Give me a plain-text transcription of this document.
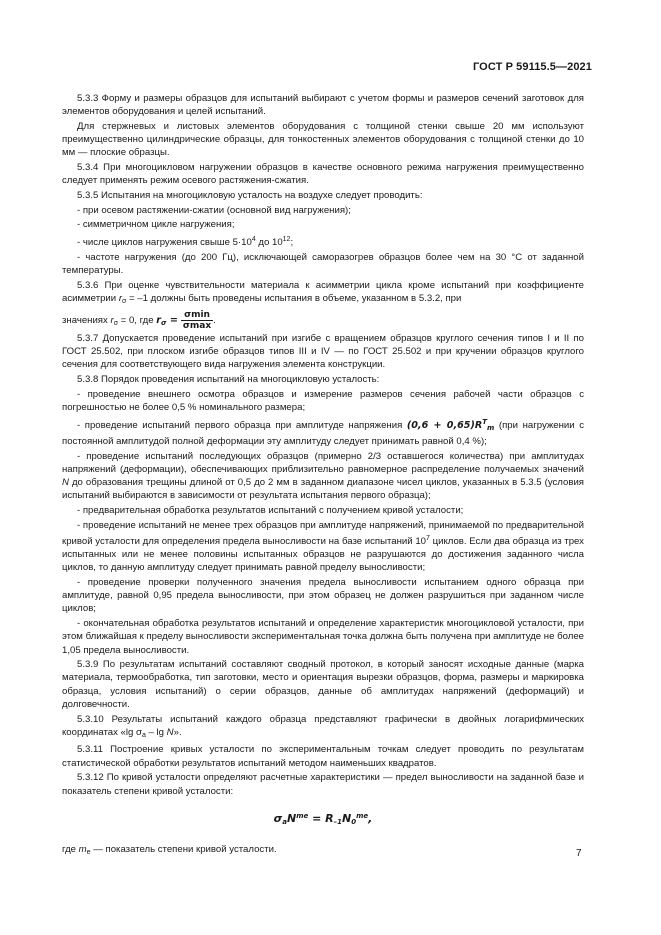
ГОСТ Р 59115.5—2021

5.3.3 Форму и размеры образцов для испытаний выбирают с учетом формы и размеров сечений заготовок для элементов оборудования и целей испытаний.

Для стержневых и листовых элементов оборудования с толщиной стенки свыше 20 мм используют преимущественно цилиндрические образцы, для тонкостенных элементов оборудования с толщиной стенки до 10 мм — плоские образцы.

5.3.4 При многоцикловом нагружении образцов в качестве основного режима нагружения преимущественно следует применять режим осевого растяжения-сжатия.

5.3.5 Испытания на многоцикловую усталость на воздухе следует проводить:

- при осевом растяжении-сжатии (основной вид нагружения);

- симметричном цикле нагружения;

- числе циклов нагружения свыше $5\cdot 10^4$ до $10^{12}$;

- частоте нагружения (до 200 Гц), исключающей саморазогрев образцов более чем на 30 °С от заданной температуры.

5.3.6 При оценке чувствительности материала к асимметрии цикла кроме испытаний при коэффициенте асимметрии $r_\sigma = -1$ должны быть проведены испытания в объеме, указанном в 5.3.2, при

значениях $r_\sigma = 0$, где $r_\sigma = \frac{\sigma\min}{\sigma\max}$ .

5.3.7 Допускается проведение испытаний при изгибе с вращением образцов круглого сечения типов I и II по ГОСТ 25.502, при плоском изгибе образцов типов III и IV — по ГОСТ 25.502 и при кручении образцов круглого сечения для соответствующего вида нагружения элемента конструкции.

5.3.8 Порядок проведения испытаний на многоцикловую усталость:

- проведение внешнего осмотра образцов и измерение размеров сечения рабочей части образцов с погрешностью не более 0,5 % номинального размера;

- проведение испытаний первого образца при амплитуде напряжения $(0,6 + 0,65)R^T_m$ (при нагружении с постоянной амплитудой полной деформации эту амплитуду следует принимать равной 0,4 %);

- проведение испытаний последующих образцов (примерно 2/3 оставшегося количества) при амплитудах напряжений (деформации), обеспечивающих приблизительно равномерное распределение получаемых значений N до образования трещины длиной от 0,5 до 2 мм в заданном диапазоне чисел циклов, указанных в 5.3.5 (условия испытаний выбираются в зависимости от результата испытания первого образца);

- предварительная обработка результатов испытаний с получением кривой усталости;

- проведение испытаний не менее трех образцов при амплитуде напряжений, принимаемой по предварительной кривой усталости для определения предела выносливости на базе испытаний $10^7$ циклов. Если два образца из трех испытанных или не менее половины испытанных образцов не разрушаются до достижения заданного числа циклов, то данную амплитуду следует принимать равной пределу выносливости;

- проведение проверки полученного значения предела выносливости испытанием одного образца при амплитуде, равной 0,95 предела выносливости, при этом образец не должен разрушиться при заданном числе циклов;

- окончательная обработка результатов испытаний и определение характеристик многоцикловой усталости, при этом ближайшая к пределу выносливости экспериментальная точка должна быть получена при амплитуде не более 1,05 предела выносливости.

5.3.9 По результатам испытаний составляют сводный протокол, в который заносят исходные данные (марка материала, термообработка, тип заготовки, место и ориентация вырезки образцов, форма, размеры и маркировка образца, условия испытаний) о серии образцов, данные об амплитудах напряжений (деформаций) и долговечности.

5.3.10 Результаты испытаний каждого образца представляют графически в двойных логарифмических координатах «lg $\sigma_a$ – lg N».

5.3.11 Построение кривых усталости по экспериментальным точкам следует проводить по результатам статистической обработки результатов испытаний методом наименьших квадратов.

5.3.12 По кривой усталости определяют расчетные характеристики — предел выносливости на заданной базе и показатель степени кривой усталости:

$\sigma_aN^{me} = R_{-1}N_0^{me}$,

где $m_e$ — показатель степени кривой усталости.	7
